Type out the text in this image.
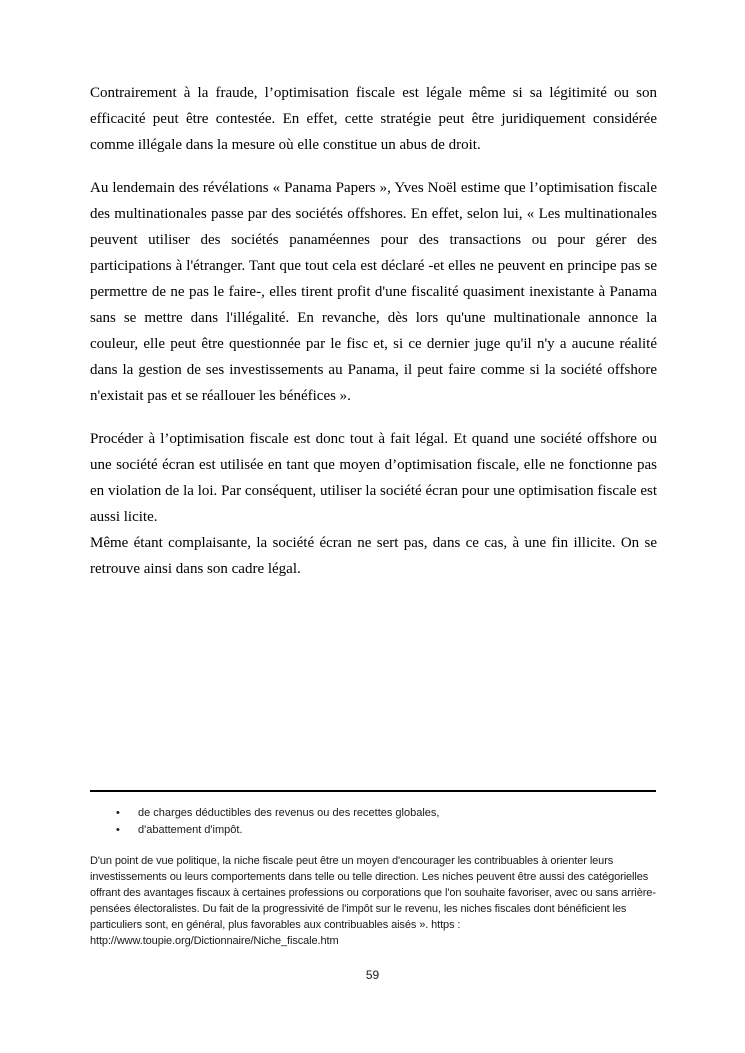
Contrairement à la fraude, l’optimisation fiscale est légale même si sa légitimité ou son efficacité peut être contestée. En effet, cette stratégie peut être juridiquement considérée comme illégale dans la mesure où elle constitue un abus de droit.

Au lendemain des révélations « Panama Papers », Yves Noël estime que l’optimisation fiscale des multinationales passe par des sociétés offshores. En effet, selon lui, « Les multinationales peuvent utiliser des sociétés panaméennes pour des transactions ou pour gérer des participations à l'étranger. Tant que tout cela est déclaré -et elles ne peuvent en principe pas se permettre de ne pas le faire-, elles tirent profit d'une fiscalité quasiment inexistante à Panama sans se mettre dans l'illégalité. En revanche, dès lors qu'une multinationale annonce la couleur, elle peut être questionnée par le fisc et, si ce dernier juge qu'il n'y a aucune réalité dans la gestion de ses investissements au Panama, il peut faire comme si la société offshore n'existait pas et se réallouer les bénéfices ».

Procéder à l’optimisation fiscale est donc tout à fait légal. Et quand une société offshore ou une société écran est utilisée en tant que moyen d’optimisation fiscale, elle ne fonctionne pas en violation de la loi. Par conséquent, utiliser la société écran pour une optimisation fiscale est aussi licite.

Même étant complaisante, la société écran ne sert pas, dans ce cas, à une fin illicite. On se retrouve ainsi dans son cadre légal.

• de charges déductibles des revenus ou des recettes globales,
• d'abattement d'impôt.

D'un point de vue politique, la niche fiscale peut être un moyen d'encourager les contribuables à orienter leurs investissements ou leurs comportements dans telle ou telle direction. Les niches peuvent être aussi des catégorielles offrant des avantages fiscaux à certaines professions ou corporations que l'on souhaite favoriser, avec ou sans arrière-pensées électoralistes. Du fait de la progressivité de l'impôt sur le revenu, les niches fiscales dont bénéficient les particuliers sont, en général, plus favorables aux contribuables aisés ». https : http://www.toupie.org/Dictionnaire/Niche_fiscale.htm

59
